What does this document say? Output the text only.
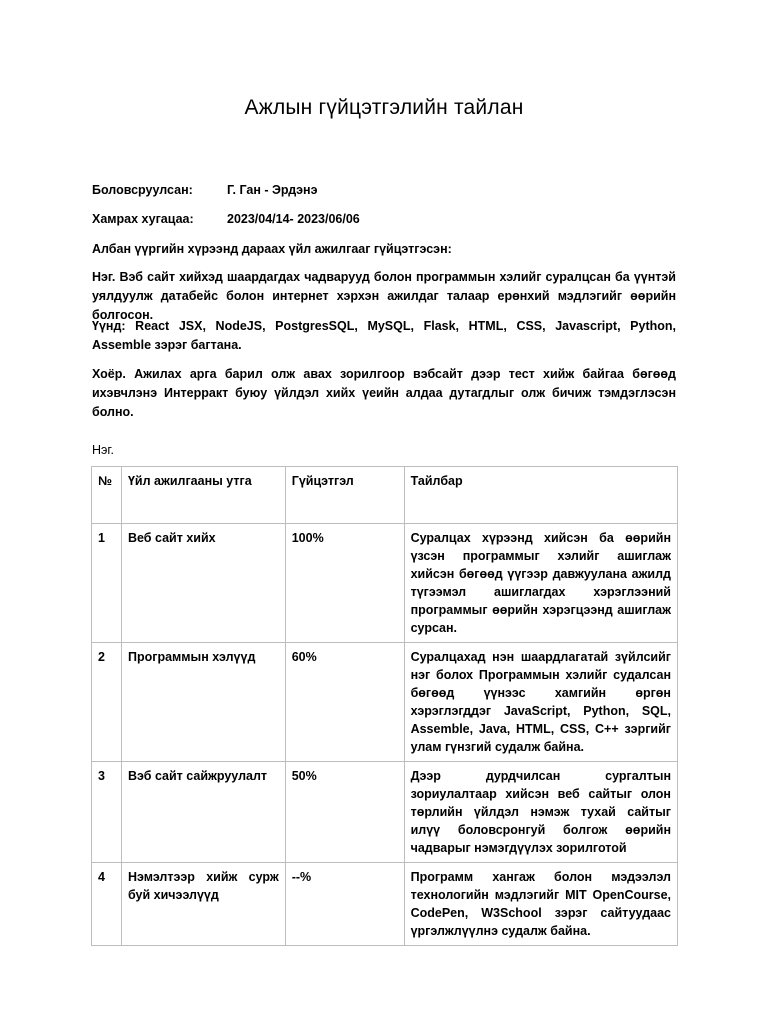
Ажлын гүйцэтгэлийн тайлан
Боловсруулсан:	Г. Ган - Эрдэнэ
Хамрах хугацаа:	2023/04/14- 2023/06/06
Албан үүргийн хүрээнд дараах үйл ажилгааг гүйцэтгэсэн:
Нэг. Вэб сайт хийхэд шаардагдах чадварууд болон программын хэлийг суралцсан ба үүнтэй уялдуулж датабейс болон интернет хэрхэн ажилдаг талаар ерөнхий мэдлэгийг өөрийн болгосон.
Үүнд: React JSX, NodeJS, PostgresSQL, MySQL, Flask, HTML, CSS, Javascript, Python, Assemble зэрэг багтана.
Хоёр. Ажилах арга барил олж авах зорилгоор вэбсайт дээр тест хийж байгаа бөгөөд ихэвчлэнэ Интерракт буюу үйлдэл хийх үеийн алдаа дутагдлыг олж бичиж тэмдэглэсэн болно.
Нэг.
№	Үйл ажилгааны утга	Гүйцэтгэл	Тайлбар
1	Веб сайт хийх	100%	Суралцах хүрээнд хийсэн ба өөрийн үзсэн программыг хэлийг ашиглаж хийсэн бөгөөд үүгээр давжуулана ажилд түгээмэл ашиглагдах хэрэглээний программыг өөрийн хэрэгцээнд ашиглаж сурсан.
2	Программын хэлүүд	60%	Суралцахад нэн шаардлагатай зүйлсийг нэг болох Программын хэлийг судалсан бөгөөд үүнээс хамгийн өргөн хэрэглэгддэг JavaScript, Python, SQL, Assemble, Java, HTML, CSS, C++ зэргийг улам гүнзгий судалж байна.
3	Вэб сайт сайжруулалт	50%	Дээр дурдчилсан сургалтын зориулалтаар хийсэн веб сайтыг олон төрлийн үйлдэл нэмэж тухай сайтыг илүү боловсронгуй болгож өөрийн чадварыг нэмэгдүүлэх зорилготой
4	Нэмэлтээр хийж сурж буй хичээлүүд	--%	Программ хангаж болон мэдээлэл технологийн мэдлэгийг MIT OpenCourse, CodePen, W3School зэрэг сайтуудаас үргэлжлүүлнэ судалж байна.
